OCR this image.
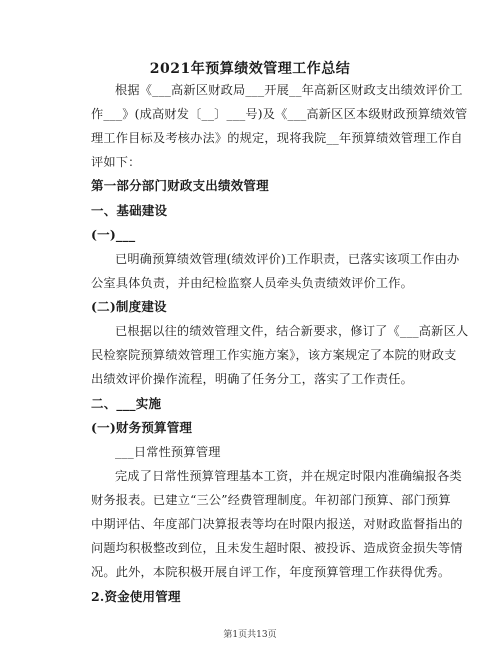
2021年预算绩效管理工作总结
根据《___高新区财政局___开展__年高新区财政支出绩效评价工
作___》(成高财发〔__〕___号)及《___高新区区本级财政预算绩效管
理工作目标及考核办法》的规定，现将我院__年预算绩效管理工作自
评如下：
第一部分部门财政支出绩效管理
一、基础建设
(一)___
已明确预算绩效管理(绩效评价)工作职责，已落实该项工作由办
公室具体负责，并由纪检监察人员牵头负责绩效评价工作。
(二)制度建设
已根据以往的绩效管理文件，结合新要求，修订了《___高新区人
民检察院预算绩效管理工作实施方案》，该方案规定了本院的财政支
出绩效评价操作流程，明确了任务分工，落实了工作责任。
二、___实施
(一)财务预算管理
___日常性预算管理
完成了日常性预算管理基本工资，并在规定时限内准确编报各类
财务报表。已建立“三公”经费管理制度。年初部门预算、部门预算
中期评估、年度部门决算报表等均在时限内报送，对财政监督指出的
问题均积极整改到位，且未发生超时限、被投诉、造成资金损失等情
况。此外，本院积极开展自评工作，年度预算管理工作获得优秀。
2.资金使用管理
第1页共13页
